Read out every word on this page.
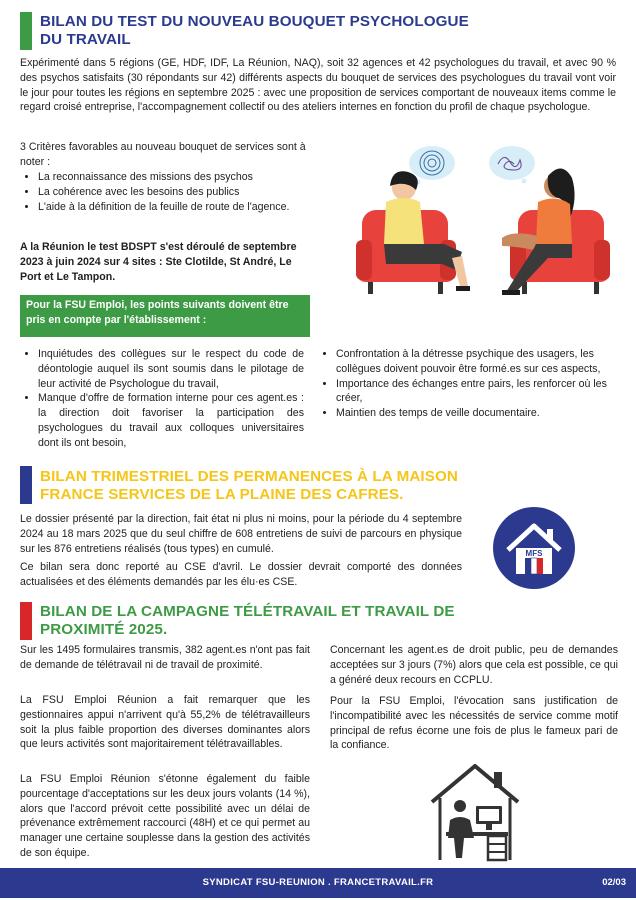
BILAN DU TEST DU NOUVEAU BOUQUET PSYCHOLOGUE
DU TRAVAIL

Expérimenté dans 5 régions (GE, HDF, IDF, La Réunion, NAQ), soit 32 agences et 42 psychologues du travail, et avec 90 % des psychos satisfaits (30 répondants sur 42) différents aspects du bouquet de services des psychologues du travail vont voir le jour pour toutes les régions en septembre 2025 : avec une proposition de services comportant de nouveaux items comme le regard croisé entreprise, l'accompagnement collectif ou des ateliers internes en fonction du profil de chaque psychologue.

3 Critères favorables au nouveau bouquet de services sont à noter :

• La reconnaissance des missions des psychos
• La cohérence avec les besoins des publics
• L'aide à la définition de la feuille de route de l'agence.

A la Réunion le test BDSPT s'est déroulé de septembre 2023 à juin 2024 sur 4 sites : Ste Clotilde, St André, Le Port et Le Tampon.

Pour la FSU Emploi, les points suivants doivent être pris en compte par l'établissement :
• Inquiétudes des collègues sur le respect du code de déontologie auquel ils sont soumis dans le pilotage de leur activité de Psychologue du travail,
• Manque d'offre de formation interne pour ces agent.es : la direction doit favoriser la participation des psychologues du travail aux colloques universitaires dont ils ont besoin,
• Confrontation à la détresse psychique des usagers, les collègues doivent pouvoir être formé.es sur ces aspects,
• Importance des échanges entre pairs, les renforcer où les créer,
• Maintien des temps de veille documentaire.
BILAN TRIMESTRIEL DES PERMANENCES À LA MAISON
FRANCE SERVICES DE LA PLAINE DES CAFRES.

Le dossier présenté par la direction, fait état ni plus ni moins, pour la période du 4 septembre 2024 au 18 mars 2025 que du seul chiffre de 608 entretiens de suivi de parcours en physique sur les 876 entretiens réalisés (tous types) en cumulé.

Ce bilan sera donc reporté au CSE d'avril. Le dossier devrait comporté des données actualisées et des éléments demandés par les élu·es CSE.

MFS
BILAN DE LA CAMPAGNE TÉLÉTRAVAIL ET TRAVAIL DE
PROXIMITÉ 2025.

Sur les 1495 formulaires transmis, 382 agent.es n'ont pas fait de demande de télétravail ni de travail de proximité.

La FSU Emploi Réunion a fait remarquer que les gestionnaires appui n'arrivent qu'à 55,2% de télétravailleurs soit la plus faible proportion des diverses dominantes alors que leurs activités sont majoritairement télétravaillables.

La FSU Emploi Réunion s'étonne également du faible pourcentage d'acceptations sur les deux jours volants (14 %), alors que l'accord prévoit cette possibilité avec un délai de prévenance extrêmement raccourci (48H) et ce qui permet au manager une certaine souplesse dans la gestion des activités de son équipe.

Concernant les agent.es de droit public, peu de demandes acceptées sur 3 jours (7%) alors que cela est possible, ce qui a généré deux recours en CCPLU.

Pour la FSU Emploi, l'évocation sans justification de l'incompatibilité avec les nécessités de service comme motif principal de refus écorne une fois de plus le fameux pari de la confiance.

SYNDICAT FSU-REUNION . FRANCETRAVAIL.FR	02/03
